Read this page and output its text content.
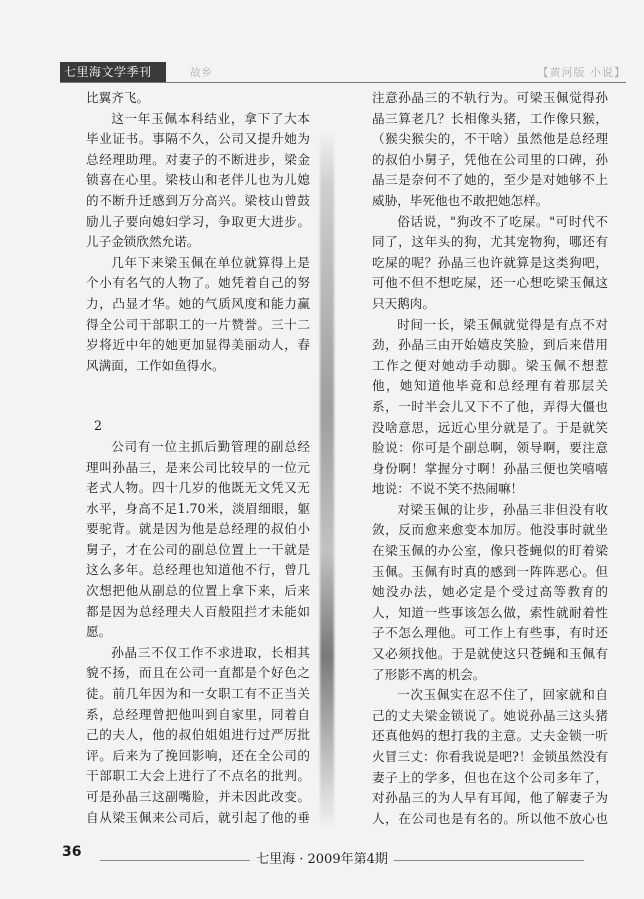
七里海文学季刊	故乡	【黄河版 小说】

比翼齐飞。

这一年玉佩本科结业，拿下了大本毕业证书。事隔不久，公司又提升她为总经理助理。对妻子的不断进步，梁金锁喜在心里。梁枝山和老伴儿也为儿媳的不断升迁感到万分高兴。梁枝山曾鼓励儿子要向媳妇学习，争取更大进步。儿子金锁欣然允诺。

几年下来梁玉佩在单位就算得上是个小有名气的人物了。她凭着自己的努力，凸显才华。她的气质风度和能力赢得全公司干部职工的一片赞誉。三十二岁将近中年的她更加显得美丽动人，春风满面，工作如鱼得水。

2

公司有一位主抓后勤管理的副总经理叫孙晶三，是来公司比较早的一位元老式人物。四十几岁的他既无文凭又无水平，身高不足1.70米，淡眉细眼，躯要驼背。就是因为他是总经理的叔伯小舅子，才在公司的副总位置上一干就是这么多年。总经理也知道他不行，曾几次想把他从副总的位置上拿下来，后来都是因为总经理夫人百般阻拦才未能如愿。

孙晶三不仅工作不求进取，长相其貌不扬，而且在公司一直都是个好色之徒。前几年因为和一女职工有不正当关系，总经理曾把他叫到自家里，同着自己的夫人，他的叔伯姐姐进行过严厉批评。后来为了挽回影响，还在全公司的干部职工大会上进行了不点名的批判。可是孙晶三这副嘴脸，并未因此改变。自从梁玉佩来公司后，就引起了他的垂

注意孙晶三的不轨行为。可梁玉佩觉得孙晶三算老几？长相像头猪，工作像只猴，（猴尖猴尖的，不干啥）虽然他是总经理的叔伯小舅子，凭他在公司里的口碑，孙晶三是奈何不了她的，至少是对她够不上威胁，毕死他也不敢把她怎样。

俗话说，"狗改不了吃屎。"可时代不同了，这年头的狗，尤其宠物狗，哪还有吃屎的呢？孙晶三也许就算是这类狗吧，可他不但不想吃屎，还一心想吃梁玉佩这只天鹅肉。

时间一长，梁玉佩就觉得是有点不对劲，孙晶三由开始嬉皮笑脸，到后来借用工作之便对她动手动脚。梁玉佩不想惹他，她知道他毕竟和总经理有着那层关系，一时半会儿又下不了他，弄得大僵也没啥意思，远近心里分就是了。于是就笑脸说：你可是个副总啊，领导啊，要注意身份啊！掌握分寸啊！孙晶三便也笑嘻嘻地说：不说不笑不热闹嘛！

对梁玉佩的让步，孙晶三非但没有收敛，反而愈来愈变本加厉。他没事时就坐在梁玉佩的办公室，像只苍蝇似的盯着梁玉佩。玉佩有时真的感到一阵阵恶心。但她没办法，她必定是个受过高等教育的人，知道一些事该怎么做，索性就耐着性子不怎么理他。可工作上有些事，有时还又必须找他。于是就使这只苍蝇和玉佩有了形影不离的机会。

一次玉佩实在忍不住了，回家就和自己的丈夫梁金锁说了。她说孙晶三这头猪还真他妈的想打我的主意。丈夫金锁一听火冒三丈：你看我说是吧?！金锁虽然没有妻子上的学多，但也在这个公司多年了，对孙晶三的为人早有耳闻，他了解妻子为人，在公司也是有名的。所以他不放心也

36	七里海 · 2009年第4期
